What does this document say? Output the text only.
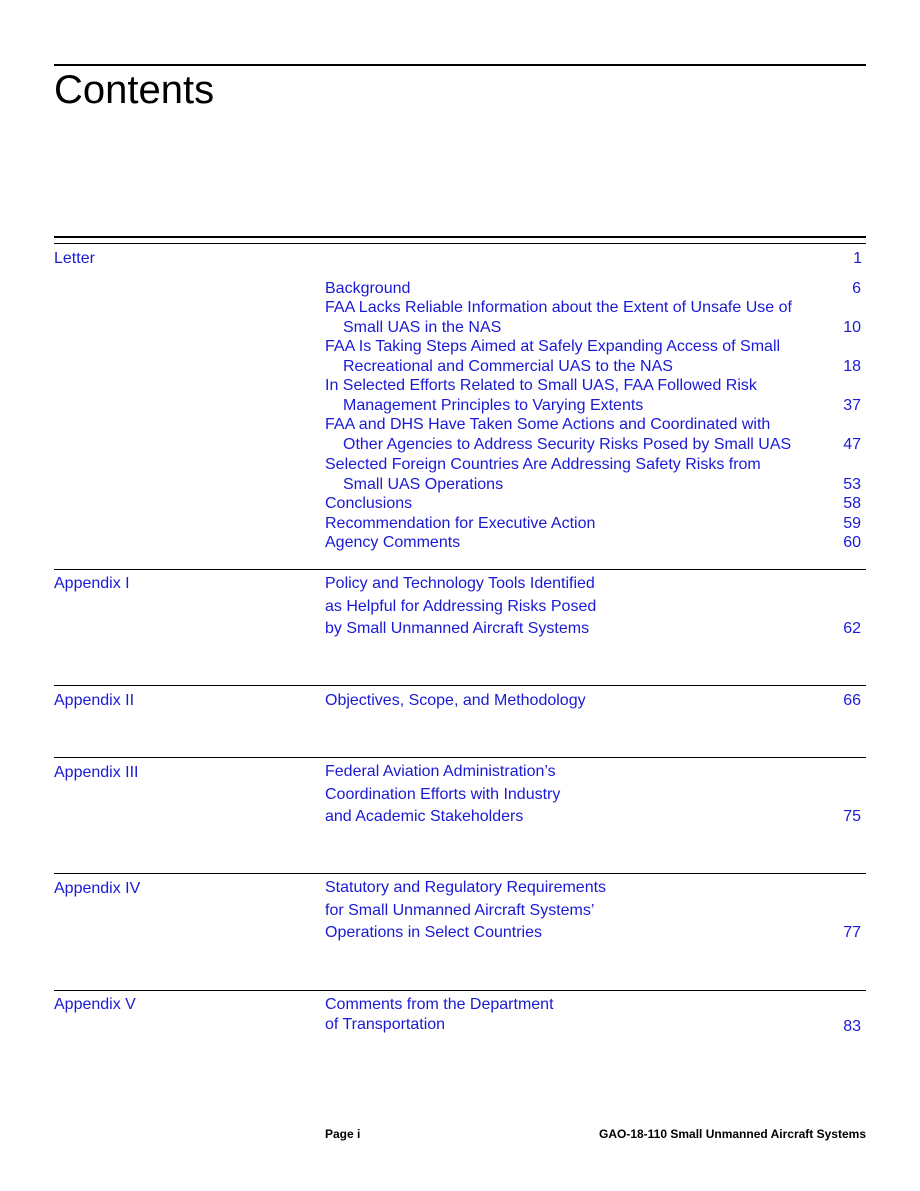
Contents
Letter	1
Background	6
FAA Lacks Reliable Information about the Extent of Unsafe Use of
Small UAS in the NAS	10
FAA Is Taking Steps Aimed at Safely Expanding Access of Small
Recreational and Commercial UAS to the NAS	18
In Selected Efforts Related to Small UAS, FAA Followed Risk
Management Principles to Varying Extents	37
FAA and DHS Have Taken Some Actions and Coordinated with
Other Agencies to Address Security Risks Posed by Small UAS	47
Selected Foreign Countries Are Addressing Safety Risks from
Small UAS Operations	53
Conclusions	58
Recommendation for Executive Action	59
Agency Comments	60
Appendix I	Policy and Technology Tools Identified
as Helpful for Addressing Risks Posed
by Small Unmanned Aircraft Systems	62
Appendix II	Objectives, Scope, and Methodology	66
Appendix III	Federal Aviation Administration’s
Coordination Efforts with Industry
and Academic Stakeholders	75
Appendix IV	Statutory and Regulatory Requirements
for Small Unmanned Aircraft Systems’
Operations in Select Countries	77
Appendix V	Comments from the Department
of Transportation	83
Page i	GAO-18-110 Small Unmanned Aircraft Systems
